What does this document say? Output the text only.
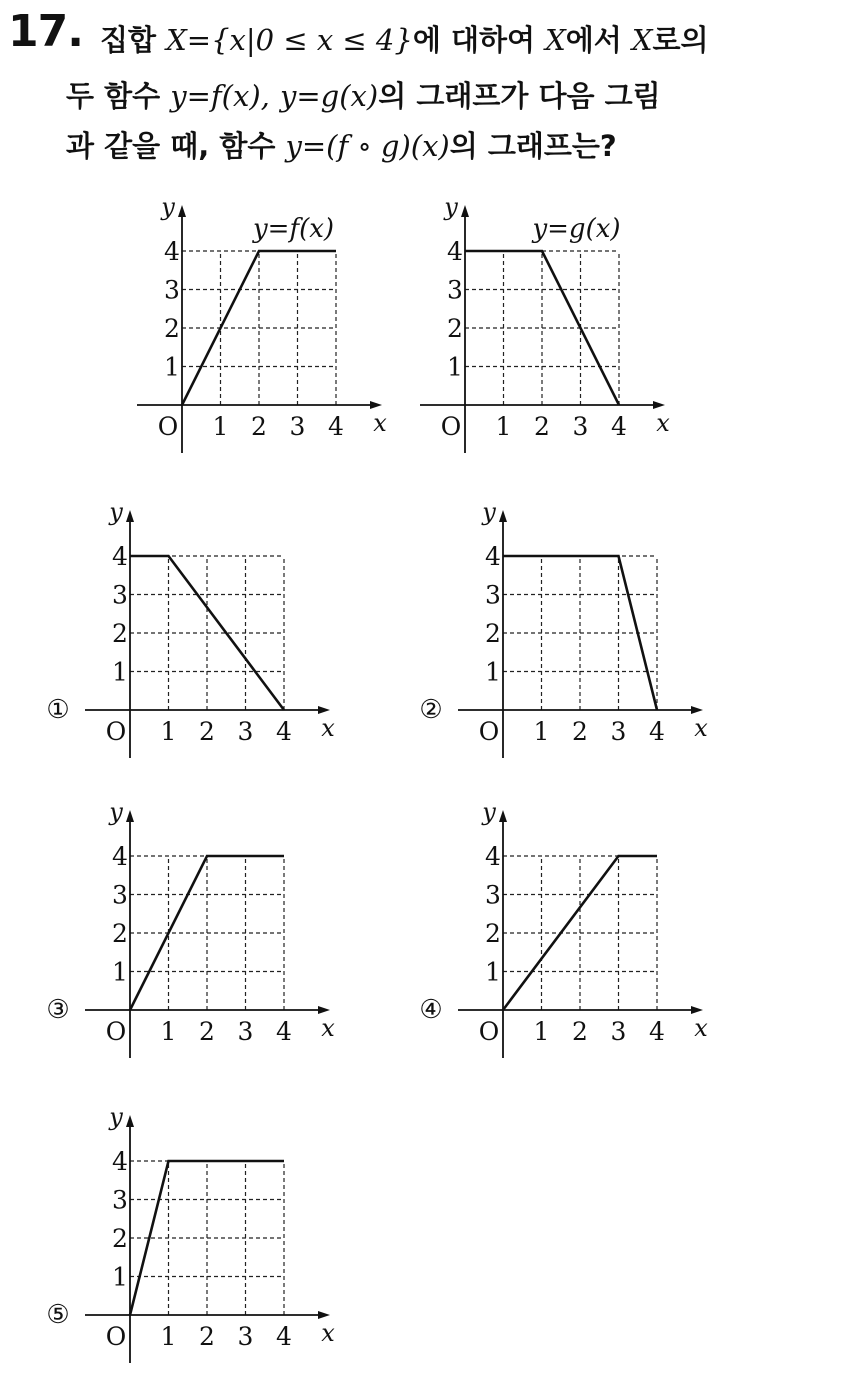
17. 집합 X={x|0 ≤ x ≤ 4}에 대하여 X에서 X로의
두 함수 y=f(x), y=g(x)의 그래프가 다음 그림
과 같을 때, 함수 y=(f ∘ g)(x)의 그래프는?
y
x
O 1
1
2
2
3
3
4
4
y=f(x)
y
x
O 1
1
2
2
3
3
4
4
y=g(x)
y
x
O 1
1
2
2
3
3
4
4
①
y
x
O 1
1
2
2
3
3
4
4
②
y
x
O 1
1
2
2
3
3
4
4
③
y
x
O 1
1
2
2
3
3
4
4
④
y
x
O 1
1
2
2
3
3
4
4
⑤
